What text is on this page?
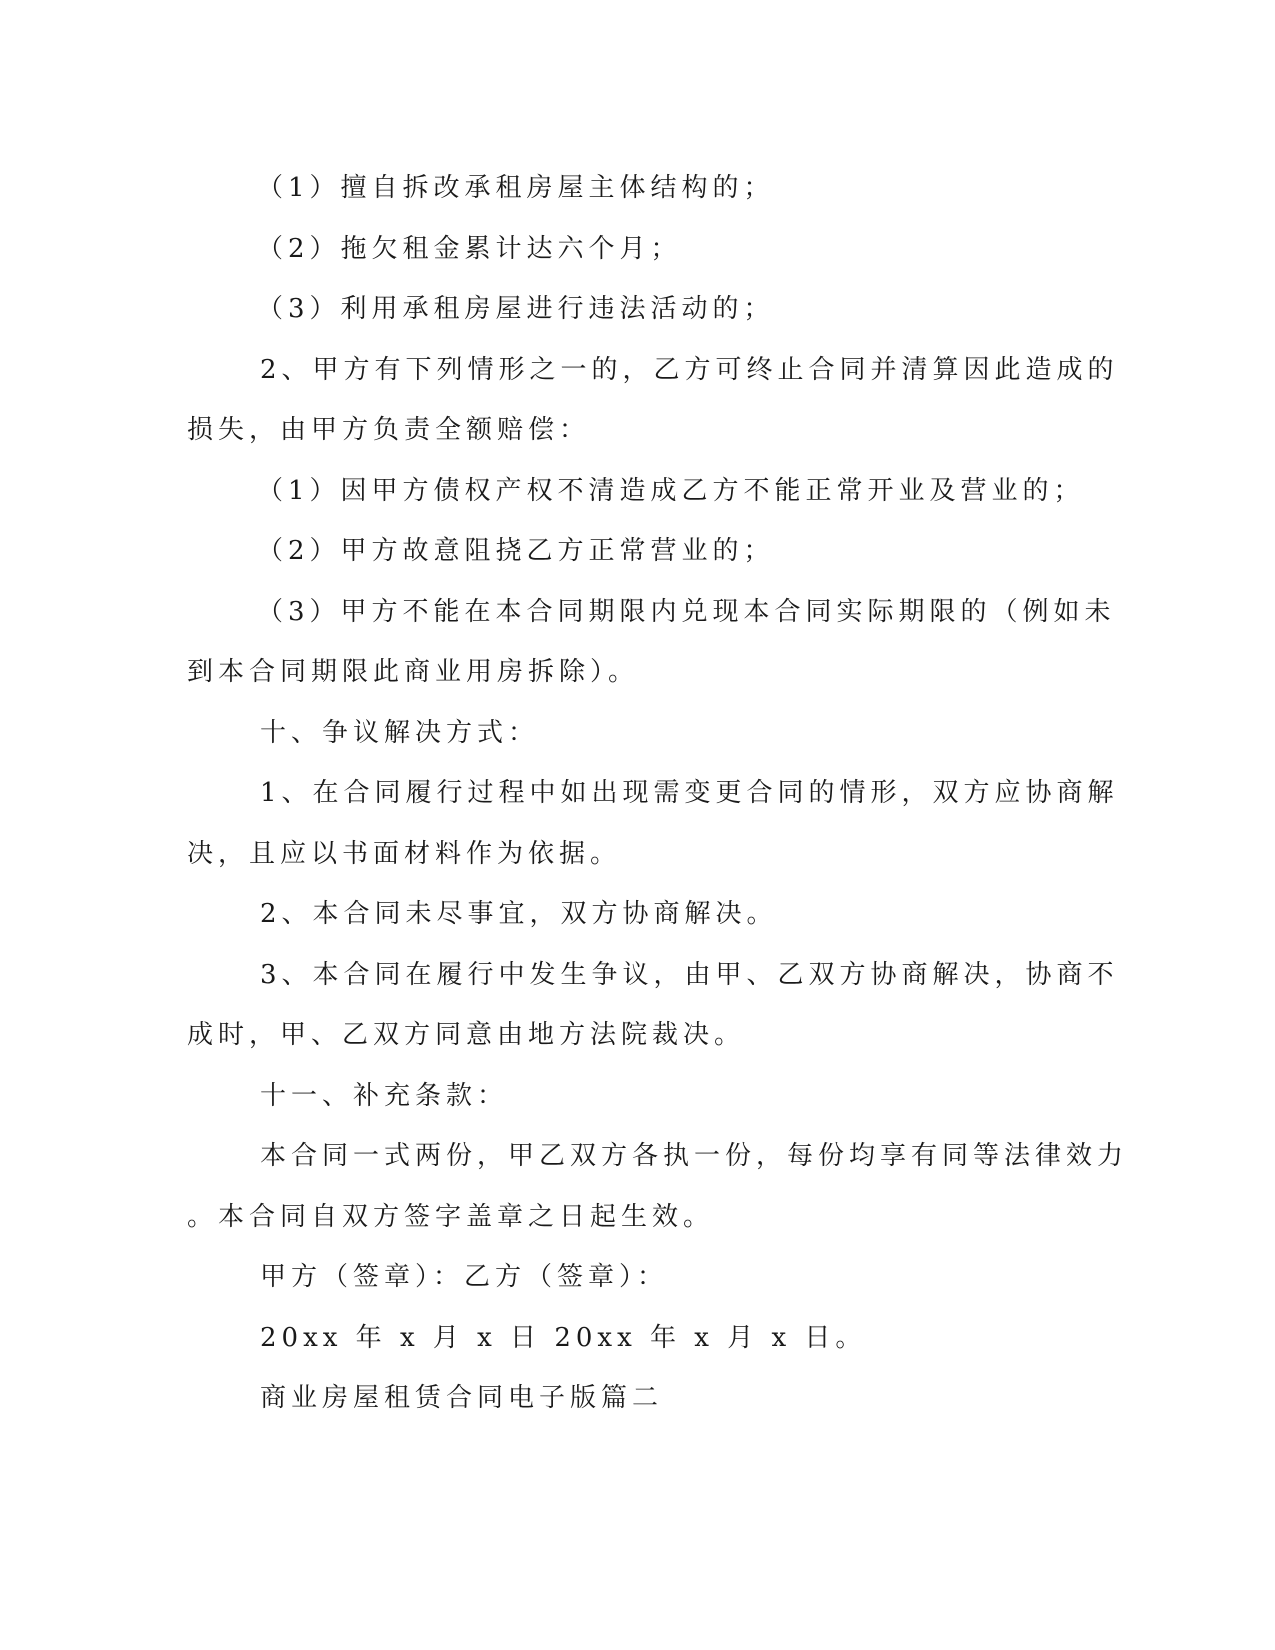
（1）擅自拆改承租房屋主体结构的；
（2）拖欠租金累计达六个月；
（3）利用承租房屋进行违法活动的；
2、甲方有下列情形之一的，乙方可终止合同并清算因此造成的
损失，由甲方负责全额赔偿：
（1）因甲方债权产权不清造成乙方不能正常开业及营业的；
（2）甲方故意阻挠乙方正常营业的；
（3）甲方不能在本合同期限内兑现本合同实际期限的（例如未
到本合同期限此商业用房拆除）。
十、争议解决方式：
1、在合同履行过程中如出现需变更合同的情形，双方应协商解
决，且应以书面材料作为依据。
2、本合同未尽事宜，双方协商解决。
3、本合同在履行中发生争议，由甲、乙双方协商解决，协商不
成时，甲、乙双方同意由地方法院裁决。
十一、补充条款：
本合同一式两份，甲乙双方各执一份，每份均享有同等法律效力
。本合同自双方签字盖章之日起生效。
甲方（签章）：乙方（签章）：
20xx 年 x 月 x 日 20xx 年 x 月 x 日。
商业房屋租赁合同电子版篇二
